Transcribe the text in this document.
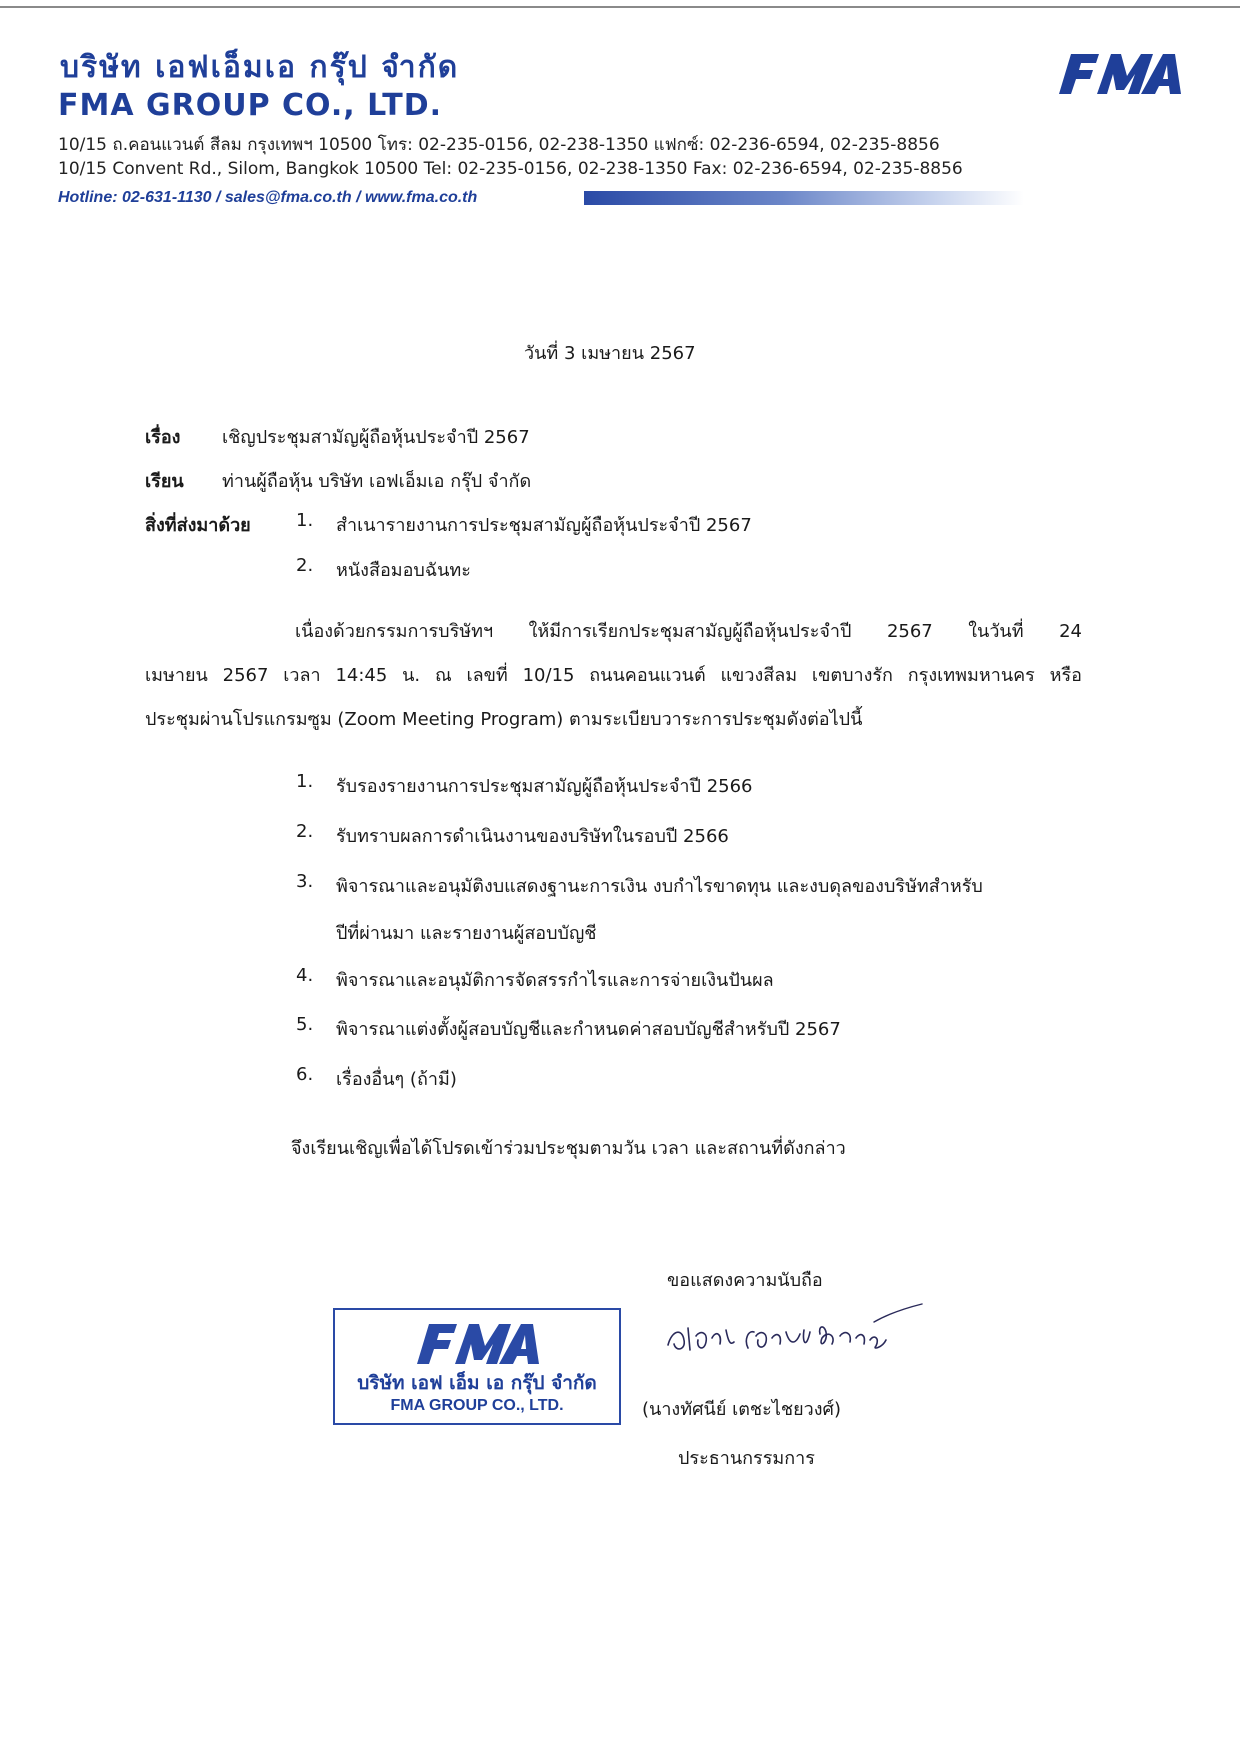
บริษัท เอฟเอ็มเอ กรุ๊ป จำกัด
FMA GROUP CO., LTD.
10/15 ถ.คอนแวนต์ สีลม กรุงเทพฯ 10500 โทร: 02-235-0156, 02-238-1350 แฟกซ์: 02-236-6594, 02-235-8856
10/15 Convent Rd., Silom, Bangkok 10500 Tel: 02-235-0156, 02-238-1350 Fax: 02-236-6594, 02-235-8856
Hotline: 02-631-1130 / sales@fma.co.th / www.fma.co.th
วันที่ 3 เมษายน 2567
เรื่อง เชิญประชุมสามัญผู้ถือหุ้นประจำปี 2567
เรียน ท่านผู้ถือหุ้น บริษัท เอฟเอ็มเอ กรุ๊ป จำกัด
สิ่งที่ส่งมาด้วย	1. สำเนารายงานการประชุมสามัญผู้ถือหุ้นประจำปี 2567
2. หนังสือมอบฉันทะ
เนื่องด้วยกรรมการบริษัทฯ ให้มีการเรียกประชุมสามัญผู้ถือหุ้นประจำปี 2567 ในวันที่ 24
เมษายน 2567 เวลา 14:45 น. ณ เลขที่ 10/15 ถนนคอนแวนต์ แขวงสีลม เขตบางรัก กรุงเทพมหานคร หรือ
ประชุมผ่านโปรแกรมซูม (Zoom Meeting Program) ตามระเบียบวาระการประชุมดังต่อไปนี้
1. รับรองรายงานการประชุมสามัญผู้ถือหุ้นประจำปี 2566
2. รับทราบผลการดำเนินงานของบริษัทในรอบปี 2566
3. พิจารณาและอนุมัติงบแสดงฐานะการเงิน งบกำไรขาดทุน และงบดุลของบริษัทสำหรับ
ปีที่ผ่านมา และรายงานผู้สอบบัญชี
4. พิจารณาและอนุมัติการจัดสรรกำไรและการจ่ายเงินปันผล
5. พิจารณาแต่งตั้งผู้สอบบัญชีและกำหนดค่าสอบบัญชีสำหรับปี 2567
6. เรื่องอื่นๆ (ถ้ามี)
จึงเรียนเชิญเพื่อได้โปรดเข้าร่วมประชุมตามวัน เวลา และสถานที่ดังกล่าว
ขอแสดงความนับถือ
บริษัท เอฟ เอ็ม เอ กรุ๊ป จำกัด
FMA GROUP CO., LTD.	(นางทัศนีย์ เตชะไชยวงศ์)
ประธานกรรมการ
